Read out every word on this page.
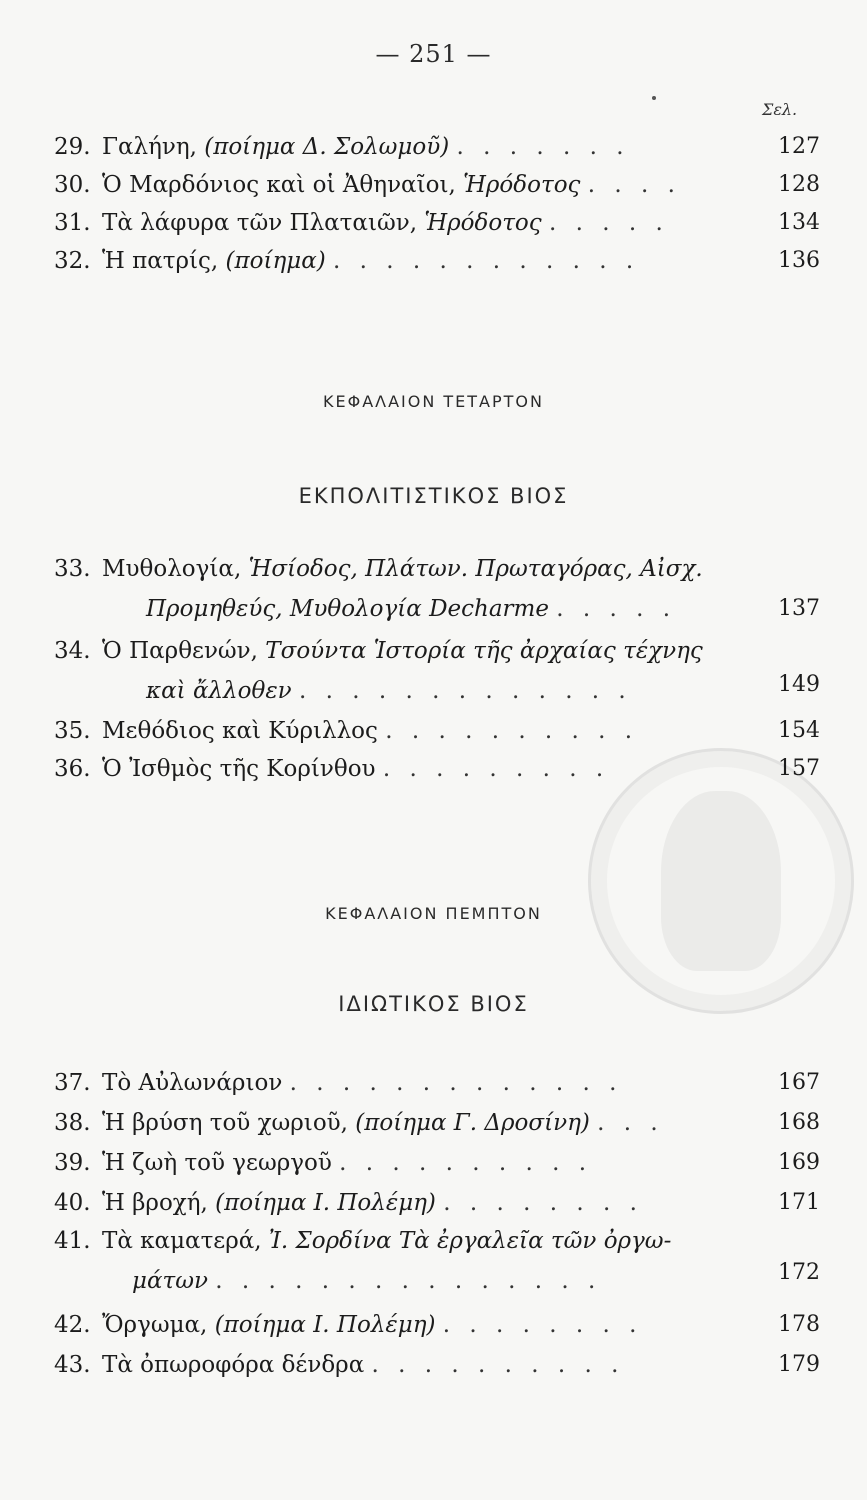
— 251 —
Σελ.
29. Γαλήνη, (ποίημα Δ. Σολωμοῦ) . . . . . . .	127
30. Ὁ Μαρδόνιος καὶ οἱ Ἀθηναῖοι, Ἡρόδοτος . . . .	128
31. Τὰ λάφυρα τῶν Πλαταιῶν, Ἡρόδοτος . . . . .	134
32. Ἡ πατρίς, (ποίημα) . . . . . . . . . . . .	136
ΚΕΦΑΛΑΙΟΝ ΤΕΤΑΡΤΟΝ
ΕΚΠΟΛΙΤΙΣΤΙΚΟΣ ΒΙΟΣ
33. Μυθολογία, Ἡσίοδος, Πλάτων. Πρωταγόρας, Αἰσχ.
Προμηθεύς, Μυθολογία Decharme . . . . .	137
34. Ὁ Παρθενών, Τσούντα Ἱστορία τῆς ἀρχαίας τέχνης
καὶ ἄλλοθεν . . . . . . . . . . . . .	149
35. Μεθόδιος καὶ Κύριλλος . . . . . . . . . .	154
36. Ὁ Ἰσθμὸς τῆς Κορίνθου . . . . . . . . .	157
ΚΕΦΑΛΑΙΟΝ ΠΕΜΠΤΟΝ
ΙΔΙΩΤΙΚΟΣ ΒΙΟΣ
37. Τὸ Αὐλωνάριον . . . . . . . . . . . . .	167
38. Ἡ βρύση τοῦ χωριοῦ, (ποίημα Γ. Δροσίνη) . . .	168
39. Ἡ ζωὴ τοῦ γεωργοῦ . . . . . . . . . .	169
40. Ἡ βροχή, (ποίημα Ι. Πολέμη) . . . . . . . .	171
41. Τὰ καματερά, Ἰ. Σορδίνα Τὰ ἐργαλεῖα τῶν ὀργω-
μάτων . . . . . . . . . . . . . . .	172
42. Ὄργωμα, (ποίημα Ι. Πολέμη) . . . . . . . .	178
43. Τὰ ὀπωροφόρα δένδρα . . . . . . . . . .	179
